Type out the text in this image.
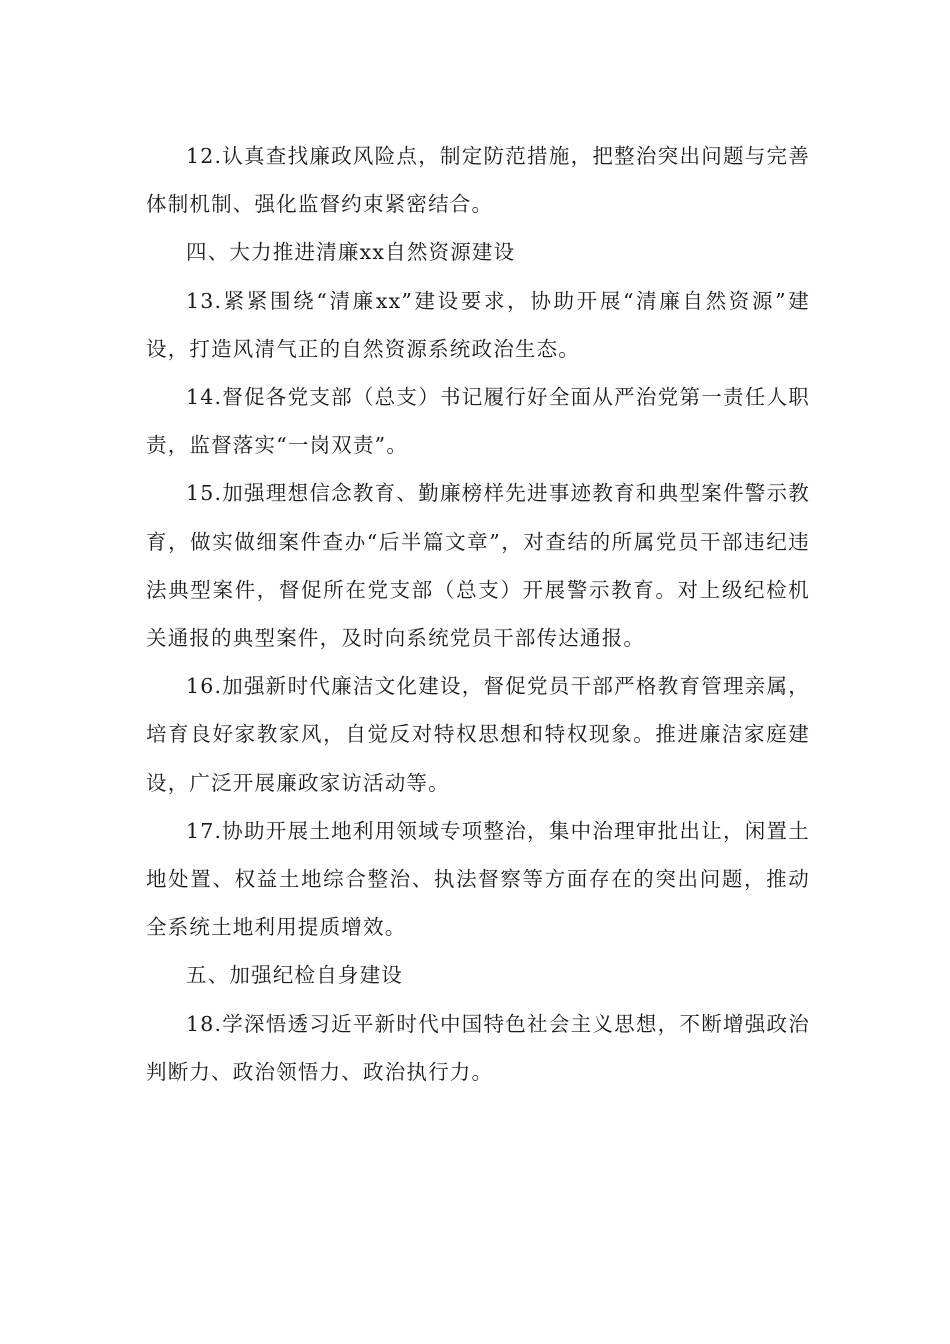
12.认真查找廉政风险点，制定防范措施，把整治突出问题与完善体制机制、强化监督约束紧密结合。

四、大力推进清廉xx自然资源建设

13.紧紧围绕“清廉xx”建设要求，协助开展“清廉自然资源”建设，打造风清气正的自然资源系统政治生态。

14.督促各党支部（总支）书记履行好全面从严治党第一责任人职责，监督落实“一岗双责”。

15.加强理想信念教育、勤廉榜样先进事迹教育和典型案件警示教育，做实做细案件查办“后半篇文章”，对查结的所属党员干部违纪违法典型案件，督促所在党支部（总支）开展警示教育。对上级纪检机关通报的典型案件，及时向系统党员干部传达通报。

16.加强新时代廉洁文化建设，督促党员干部严格教育管理亲属，培育良好家教家风，自觉反对特权思想和特权现象。推进廉洁家庭建设，广泛开展廉政家访活动等。

17.协助开展土地利用领域专项整治，集中治理审批出让，闲置土地处置、权益土地综合整治、执法督察等方面存在的突出问题，推动全系统土地利用提质增效。

五、加强纪检自身建设

18.学深悟透习近平新时代中国特色社会主义思想，不断增强政治判断力、政治领悟力、政治执行力。
